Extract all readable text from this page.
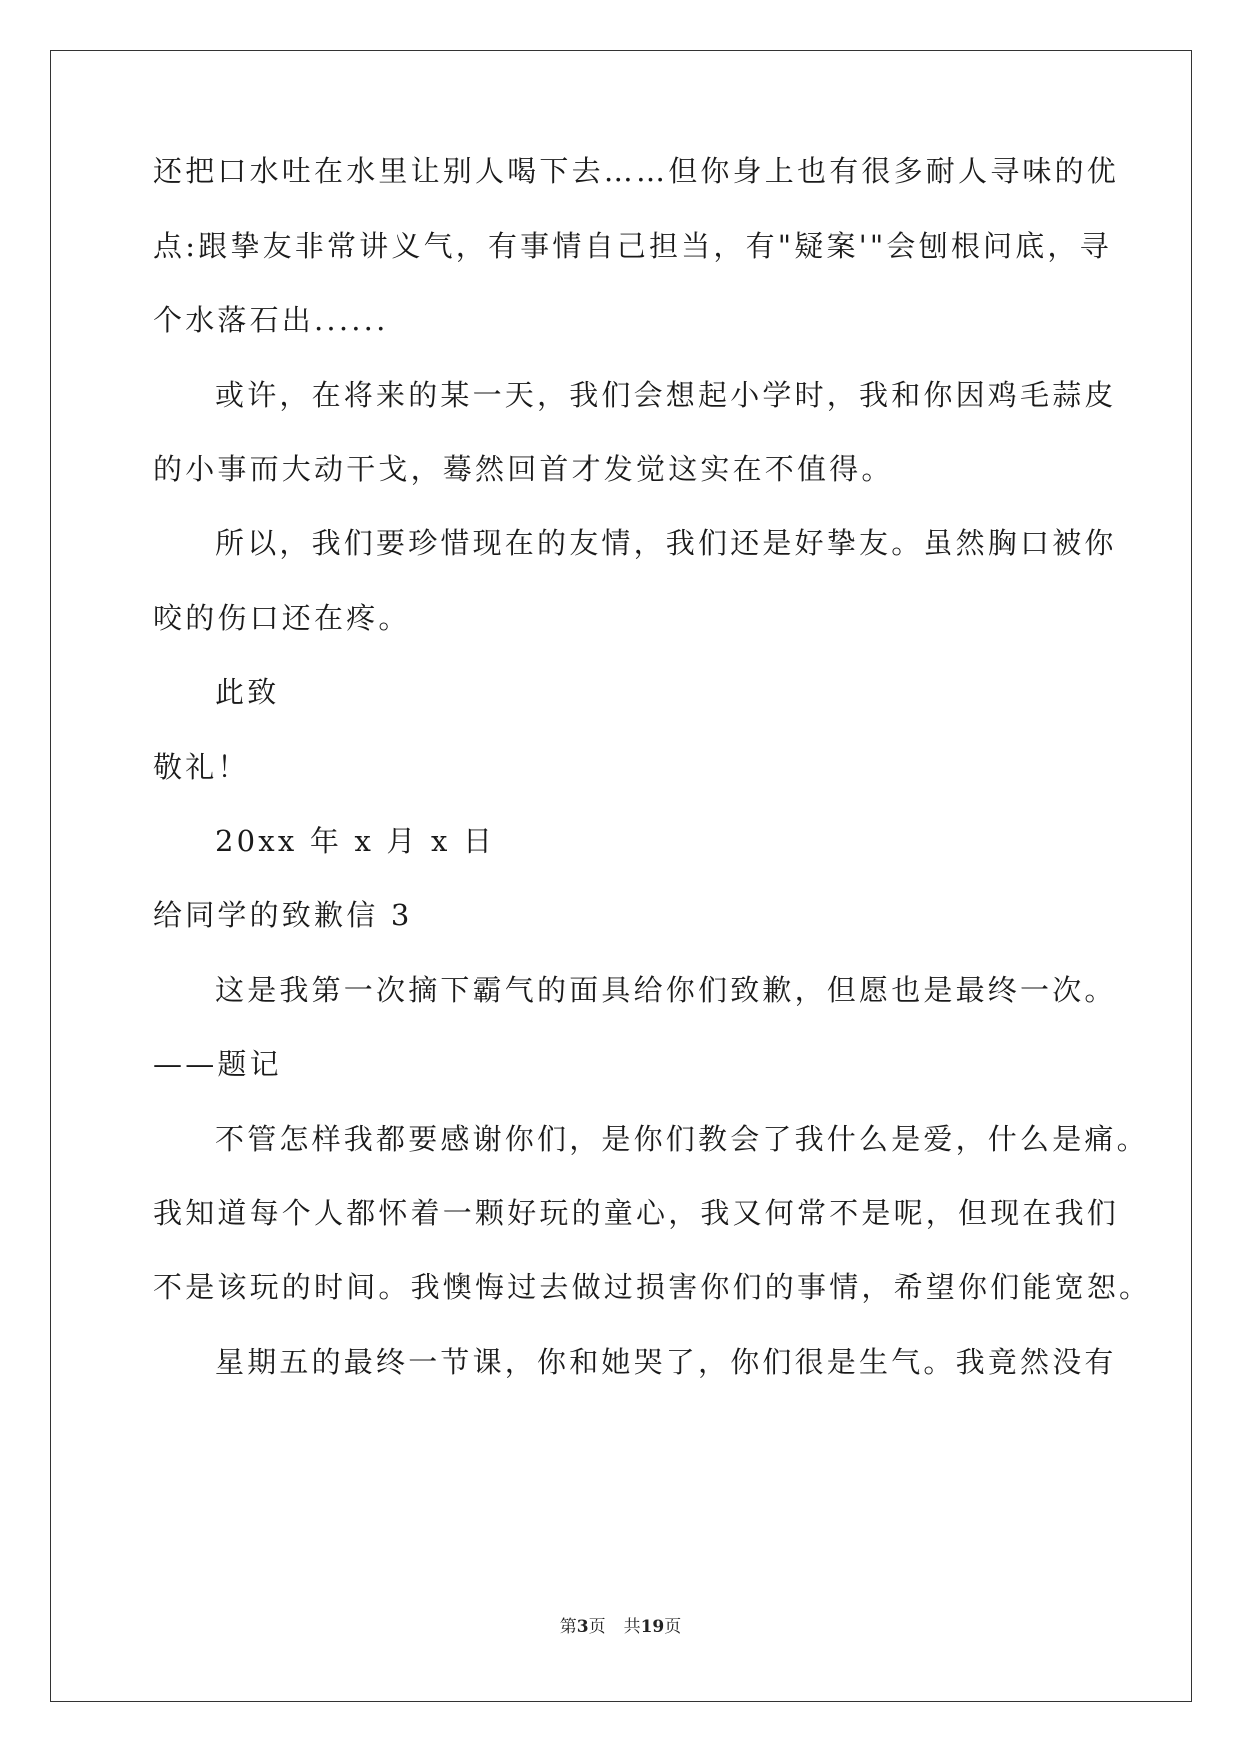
还把口水吐在水里让别人喝下去……但你身上也有很多耐人寻味的优
点:跟挚友非常讲义气，有事情自己担当，有"疑案'"会刨根问底，寻
个水落石出......
或许，在将来的某一天，我们会想起小学时，我和你因鸡毛蒜皮
的小事而大动干戈，蓦然回首才发觉这实在不值得。
所以，我们要珍惜现在的友情，我们还是好挚友。虽然胸口被你
咬的伤口还在疼。
此致
敬礼！
20xx 年 x 月 x 日
给同学的致歉信 3
这是我第一次摘下霸气的面具给你们致歉，但愿也是最终一次。
——题记
不管怎样我都要感谢你们，是你们教会了我什么是爱，什么是痛。
我知道每个人都怀着一颗好玩的童心，我又何常不是呢，但现在我们
不是该玩的时间。我懊悔过去做过损害你们的事情，希望你们能宽恕。
星期五的最终一节课，你和她哭了，你们很是生气。我竟然没有
第3页 共19页
